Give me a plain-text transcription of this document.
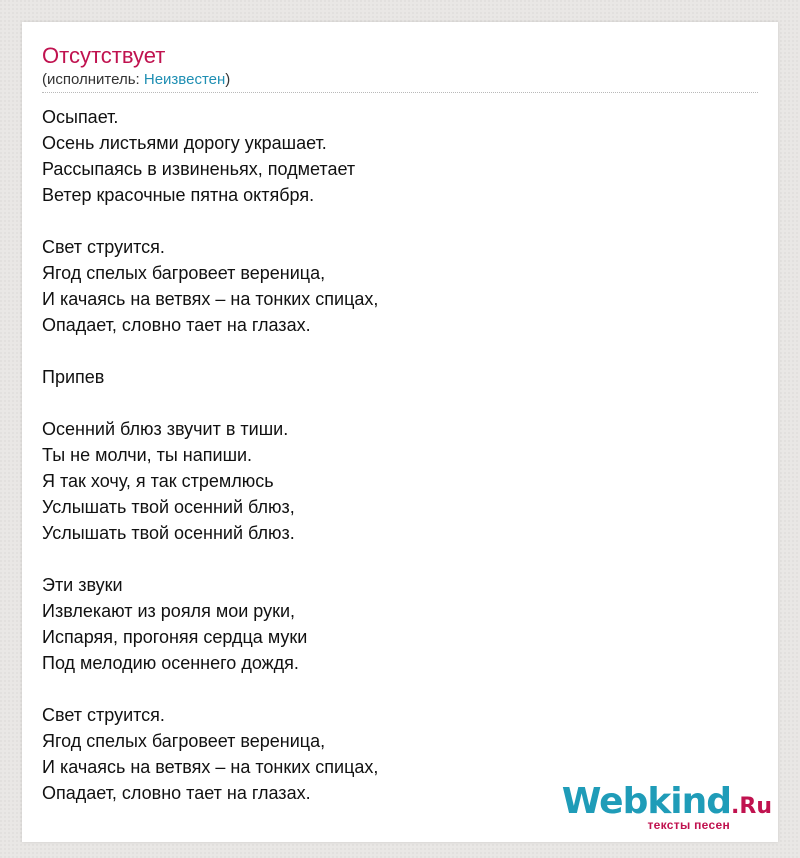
Отсутствует
(исполнитель: Неизвестен)
Осыпает.
Осень листьями дорогу украшает.
Рассыпаясь в извиненьях, подметает
Ветер красочные пятна октября.
Свет струится.
Ягод спелых багровеет вереница,
И качаясь на ветвях – на тонких спицах,
Опадает, словно тает на глазах.
Припев
Осенний блюз звучит в тиши.
Ты не молчи, ты напиши.
Я так хочу, я так стремлюсь
Услышать твой осенний блюз,
Услышать твой осенний блюз.
Эти звуки
Извлекают из рояля мои руки,
Испаряя, прогоняя сердца муки
Под мелодию осеннего дождя.
Свет струится.
Ягод спелых багровеет вереница,
И качаясь на ветвях – на тонких спицах,
Опадает, словно тает на глазах.	Webkind.Ru
тексты песен
